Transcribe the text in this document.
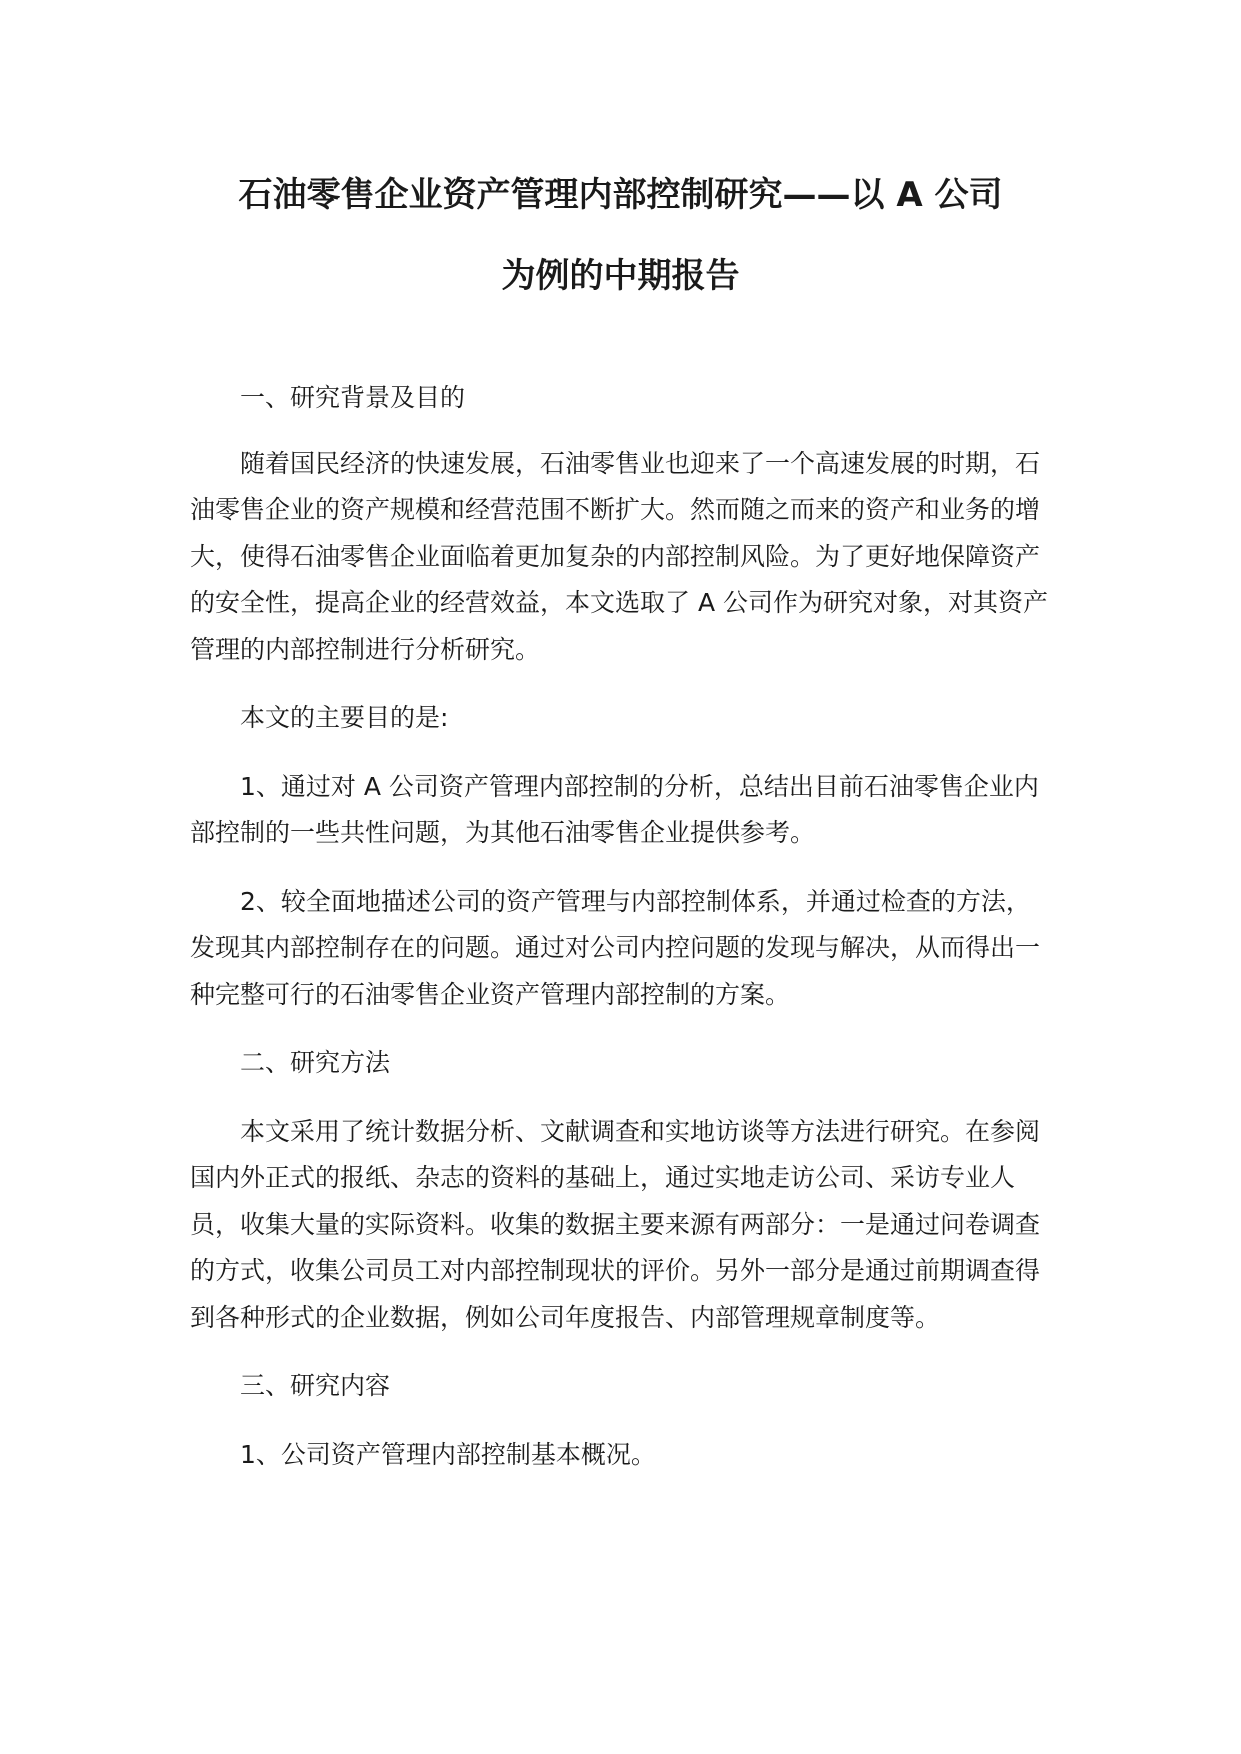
石油零售企业资产管理内部控制研究——以 A 公司
为例的中期报告

一、研究背景及目的

随着国民经济的快速发展，石油零售业也迎来了一个高速发展的时期，石油零售企业的资产规模和经营范围不断扩大。然而随之而来的资产和业务的增大，使得石油零售企业面临着更加复杂的内部控制风险。为了更好地保障资产的安全性，提高企业的经营效益，本文选取了 A 公司作为研究对象，对其资产管理的内部控制进行分析研究。

本文的主要目的是:

1、通过对 A 公司资产管理内部控制的分析，总结出目前石油零售企业内部控制的一些共性问题，为其他石油零售企业提供参考。

2、较全面地描述公司的资产管理与内部控制体系，并通过检查的方法，发现其内部控制存在的问题。通过对公司内控问题的发现与解决，从而得出一种完整可行的石油零售企业资产管理内部控制的方案。

二、研究方法

本文采用了统计数据分析、文献调查和实地访谈等方法进行研究。在参阅国内外正式的报纸、杂志的资料的基础上，通过实地走访公司、采访专业人员，收集大量的实际资料。收集的数据主要来源有两部分：一是通过问卷调查的方式，收集公司员工对内部控制现状的评价。另外一部分是通过前期调查得到各种形式的企业数据，例如公司年度报告、内部管理规章制度等。

三、研究内容

1、公司资产管理内部控制基本概况。
